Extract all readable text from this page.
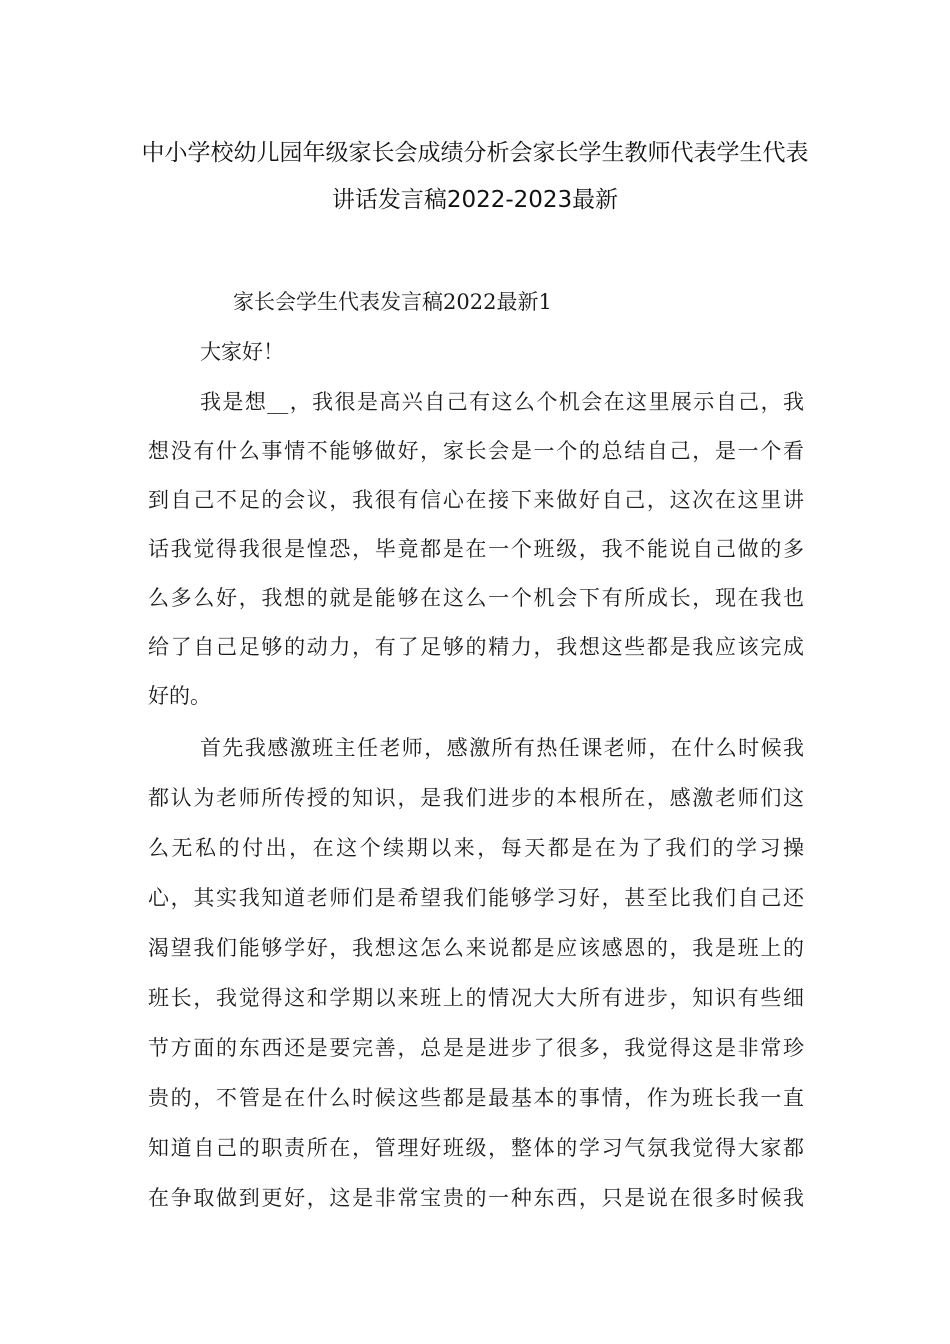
中小学校幼儿园年级家长会成绩分析会家长学生教师代表学生代表
讲话发言稿2022-2023最新

家长会学生代表发言稿2022最新1

大家好！

我是想__，我很是高兴自己有这么个机会在这里展示自己，我

想没有什么事情不能够做好，家长会是一个的总结自己，是一个看

到自己不足的会议，我很有信心在接下来做好自己，这次在这里讲

话我觉得我很是惶恐，毕竟都是在一个班级，我不能说自己做的多

么多么好，我想的就是能够在这么一个机会下有所成长，现在我也

给了自己足够的动力，有了足够的精力，我想这些都是我应该完成

好的。

首先我感激班主任老师，感激所有热任课老师，在什么时候我

都认为老师所传授的知识，是我们进步的本根所在，感激老师们这

么无私的付出，在这个续期以来，每天都是在为了我们的学习操

心，其实我知道老师们是希望我们能够学习好，甚至比我们自己还

渴望我们能够学好，我想这怎么来说都是应该感恩的，我是班上的

班长，我觉得这和学期以来班上的情况大大所有进步，知识有些细

节方面的东西还是要完善，总是是进步了很多，我觉得这是非常珍

贵的，不管是在什么时候这些都是最基本的事情，作为班长我一直

知道自己的职责所在，管理好班级，整体的学习气氛我觉得大家都

在争取做到更好，这是非常宝贵的一种东西，只是说在很多时候我
